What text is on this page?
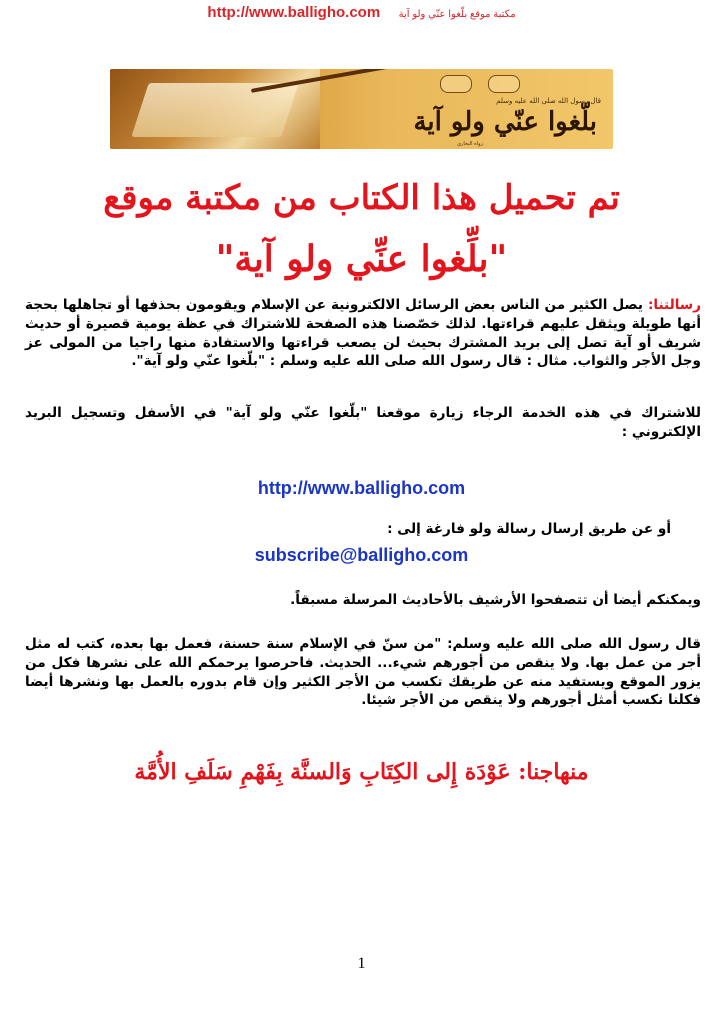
http://www.balligho.com مكتبة موقع بلّغوا عنّي ولو آية
قال رسول الله صلى الله عليه وسلم
بلّغوا عنّي ولو آية
رواه البخاري
تم تحميل هذا الكتاب من مكتبة موقع
"بلِّغوا عنِّي ولو آية"
رسالتنا: يصل الكثير من الناس بعض الرسائل الالكترونية عن الإسلام ويقومون بحذفها أو تجاهلها بحجة أنها طويلة ويثقل عليهم قراءتها. لذلك خصّصنا هذه الصفحة للاشتراك في عظة يومية قصيرة أو حديث شريف أو آية تصل إلى بريد المشترك بحيث لن يصعب قراءتها والاستفادة منها راجيا من المولى عز وجل الأجر والثواب. مثال : قال رسول الله صلى الله عليه وسلم : "بلّغوا عنّي ولو آية".
للاشتراك في هذه الخدمة الرجاء زيارة موقعنا "بلّغوا عنّي ولو آية" في الأسفل وتسجيل البريد الإلكتروني :
http://www.balligho.com
أو عن طريق إرسال رسالة ولو فارغة إلى :
subscribe@balligho.com
ويمكنكم أيضا أن تتصفحوا الأرشيف بالأحاديث المرسلة مسبقاً.
قال رسول الله صلى الله عليه وسلم: "من سنّ في الإسلام سنة حسنة، فعمل بها بعده، كتب له مثل أجر من عمل بها. ولا ينقص من أجورهم شيء... الحديث. فاحرصوا يرحمكم الله على نشرها فكل من يزور الموقع ويستفيد منه عن طريقك تكسب من الأجر الكثير وإن قام بدوره بالعمل بها ونشرها أيضا فكلنا نكسب أمثل أجورهم ولا ينقص من الأجر شيئا.
منهاجنا: عَوْدَة إِلى الكِتَابِ وَالسنَّة بِفَهْمِ سَلَفِ الأُمَّة
1
